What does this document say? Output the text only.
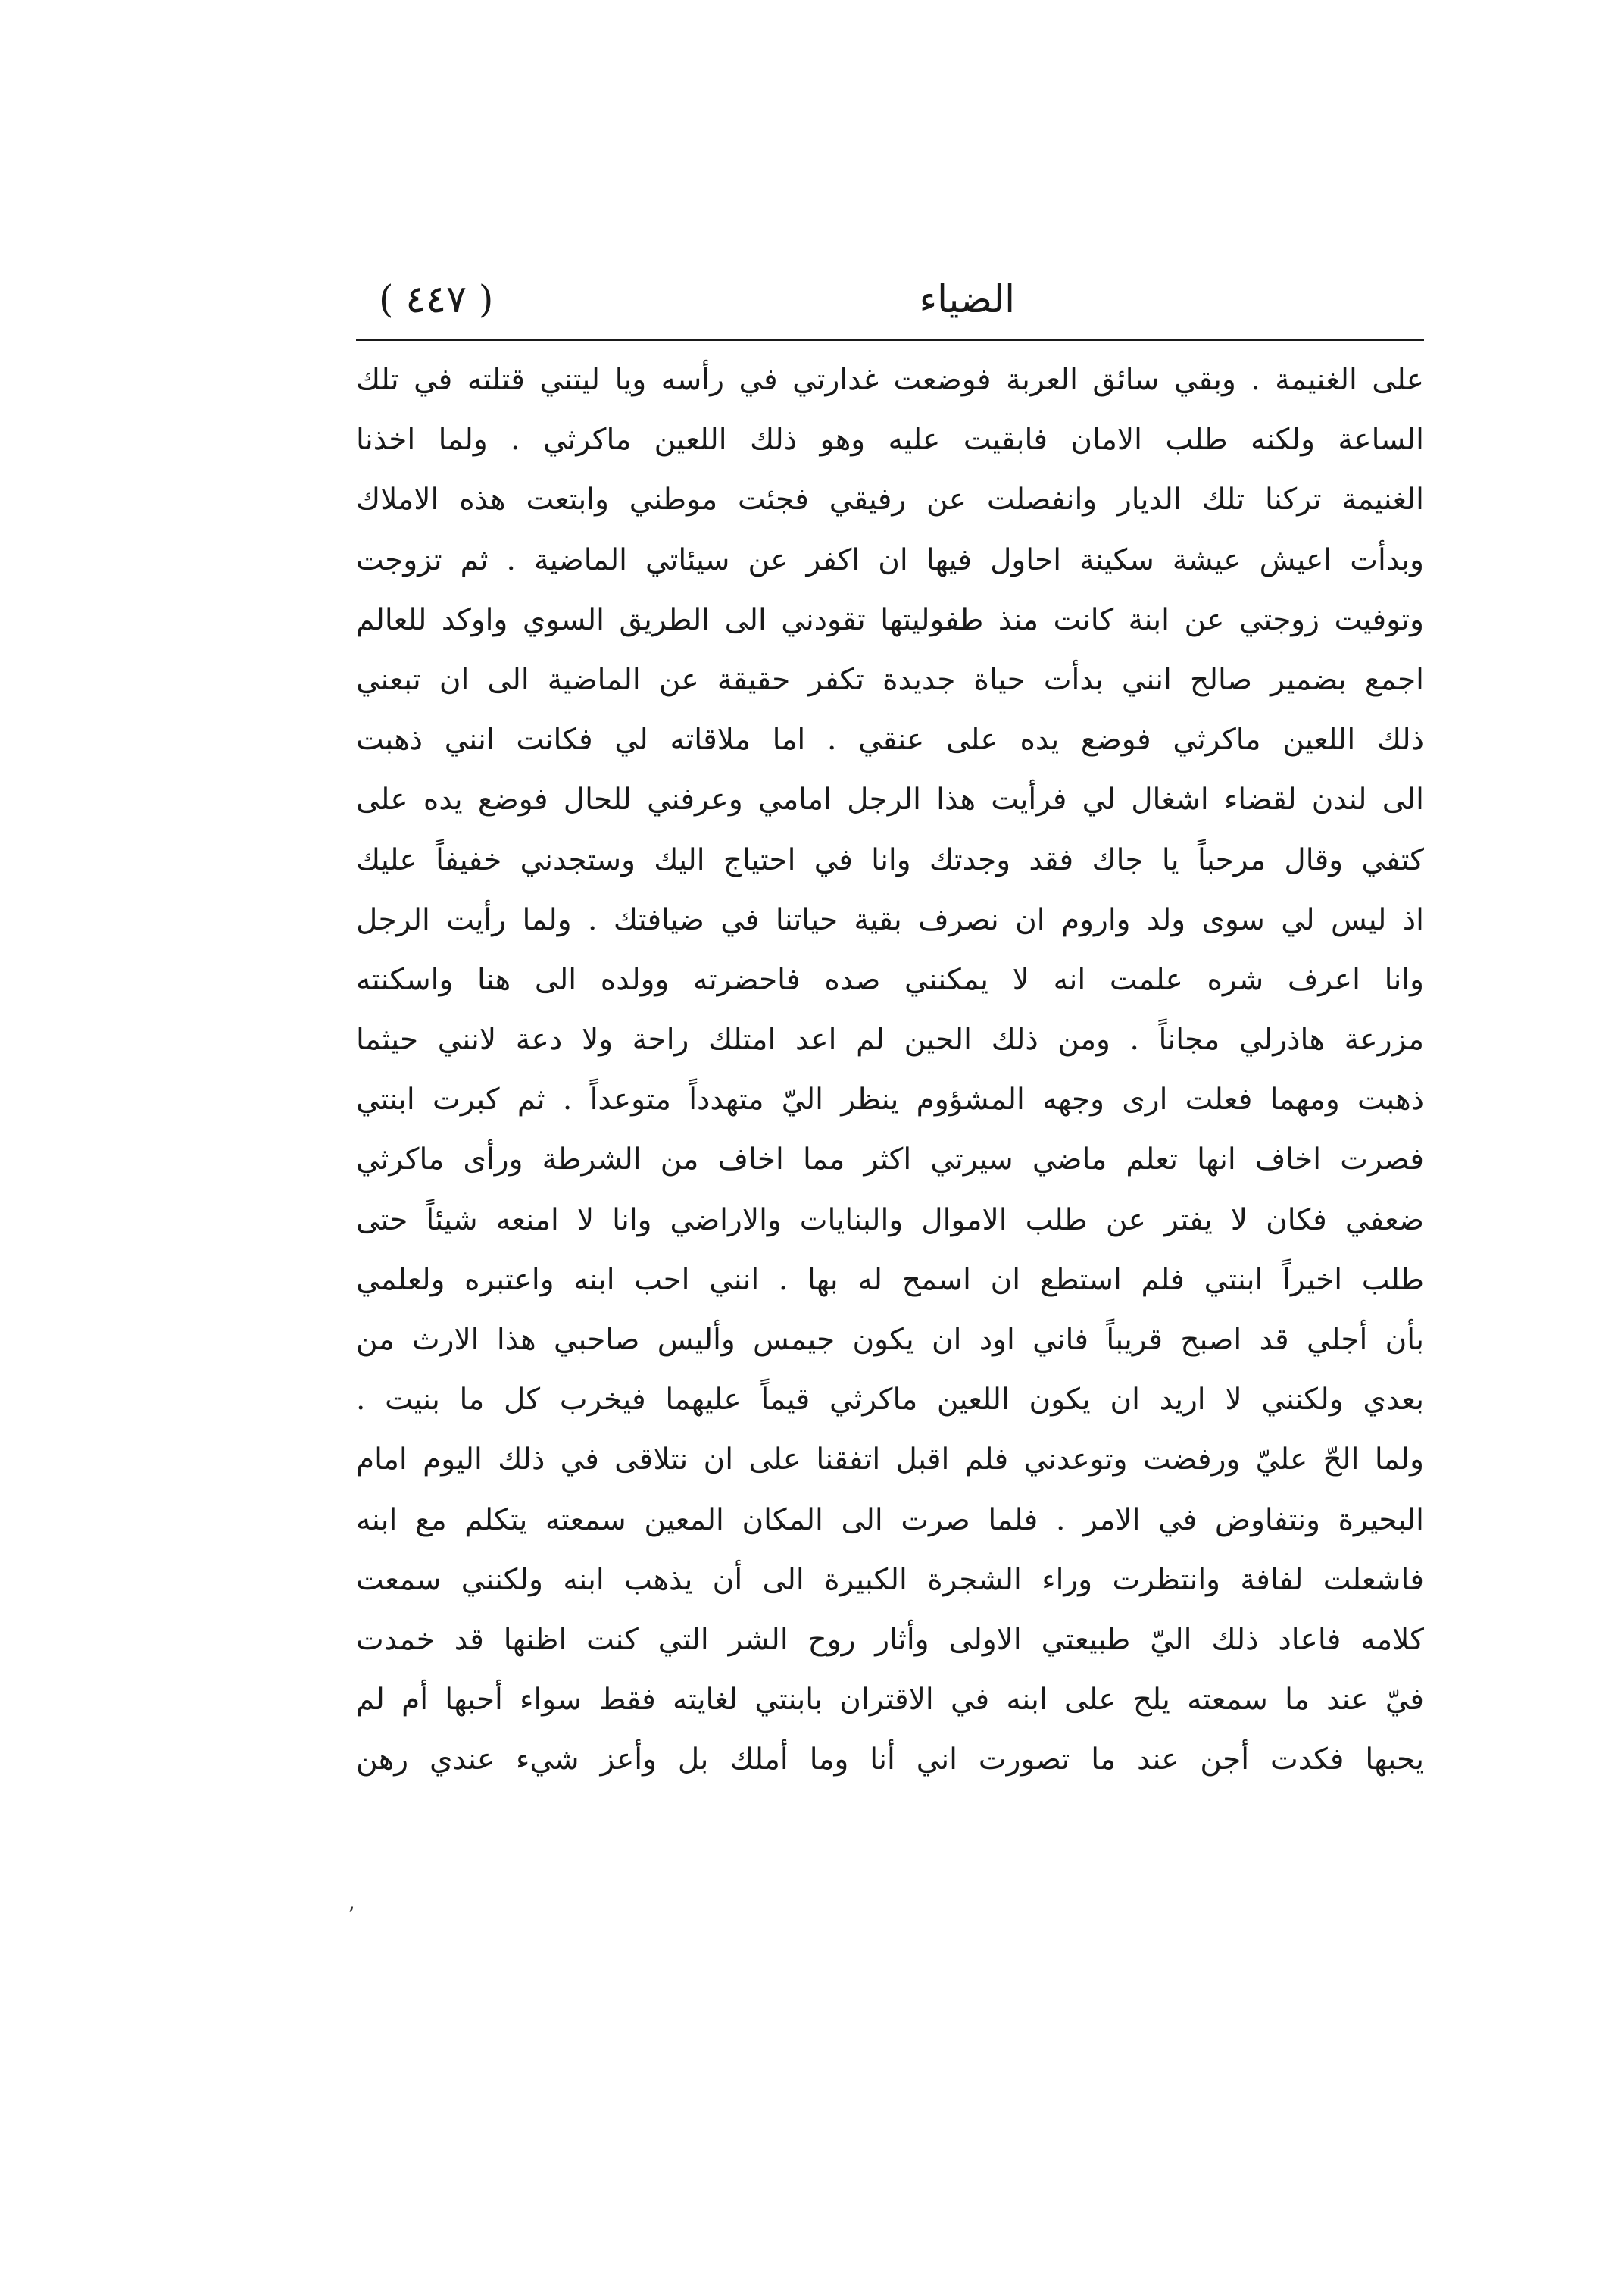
الضياء
( ٤٤٧ )
على الغنيمة . وبقي سائق العربة فوضعت غدارتي في رأسه ويا ليتني قتلته في تلك
الساعة ولكنه طلب الامان فابقيت عليه وهو ذلك اللعين ماكرثي . ولما اخذنا
الغنيمة تركنا تلك الديار وانفصلت عن رفيقي فجئت موطني وابتعت هذه الاملاك
وبدأت اعيش عيشة سكينة احاول فيها ان اكفر عن سيئاتي الماضية . ثم تزوجت
وتوفيت زوجتي عن ابنة كانت منذ طفوليتها تقودني الى الطريق السوي واوكد للعالم
اجمع بضمير صالح انني بدأت حياة جديدة تكفر حقيقة عن الماضية الى ان تبعني
ذلك اللعين ماكرثي فوضع يده على عنقي . اما ملاقاته لي فكانت انني ذهبت
الى لندن لقضاء اشغال لي فرأيت هذا الرجل امامي وعرفني للحال فوضع يده على
كتفي وقال مرحباً يا جاك فقد وجدتك وانا في احتياج اليك وستجدني خفيفاً عليك
اذ ليس لي سوى ولد واروم ان نصرف بقية حياتنا في ضيافتك . ولما رأيت الرجل
وانا اعرف شره علمت انه لا يمكنني صده فاحضرته وولده الى هنا واسكنته
مزرعة هاذرلي مجاناً . ومن ذلك الحين لم اعد امتلك راحة ولا دعة لانني حيثما
ذهبت ومهما فعلت ارى وجهه المشؤوم ينظر اليّ متهدداً متوعداً . ثم كبرت ابنتي
فصرت اخاف انها تعلم ماضي سيرتي اكثر مما اخاف من الشرطة ورأى ماكرثي
ضعفي فكان لا يفتر عن طلب الاموال والبنايات والاراضي وانا لا امنعه شيئاً حتى
طلب اخيراً ابنتي فلم استطع ان اسمح له بها . انني احب ابنه واعتبره ولعلمي
بأن أجلي قد اصبح قريباً فاني اود ان يكون جيمس وأليس صاحبي هذا الارث من
بعدي ولكنني لا اريد ان يكون اللعين ماكرثي قيماً عليهما فيخرب كل ما بنيت .
ولما الحّ عليّ ورفضت وتوعدني فلم اقبل اتفقنا على ان نتلاقى في ذلك اليوم امام
البحيرة ونتفاوض في الامر . فلما صرت الى المكان المعين سمعته يتكلم مع ابنه
فاشعلت لفافة وانتظرت وراء الشجرة الكبيرة الى أن يذهب ابنه ولكنني سمعت
كلامه فاعاد ذلك اليّ طبيعتي الاولى وأثار روح الشر التي كنت اظنها قد خمدت
فيّ عند ما سمعته يلح على ابنه في الاقتران بابنتي لغايته فقط سواء أحبها أم لم
يحبها فكدت أجن عند ما تصورت اني أنا وما أملك بل وأعز شيء عندي رهن
ʼ
